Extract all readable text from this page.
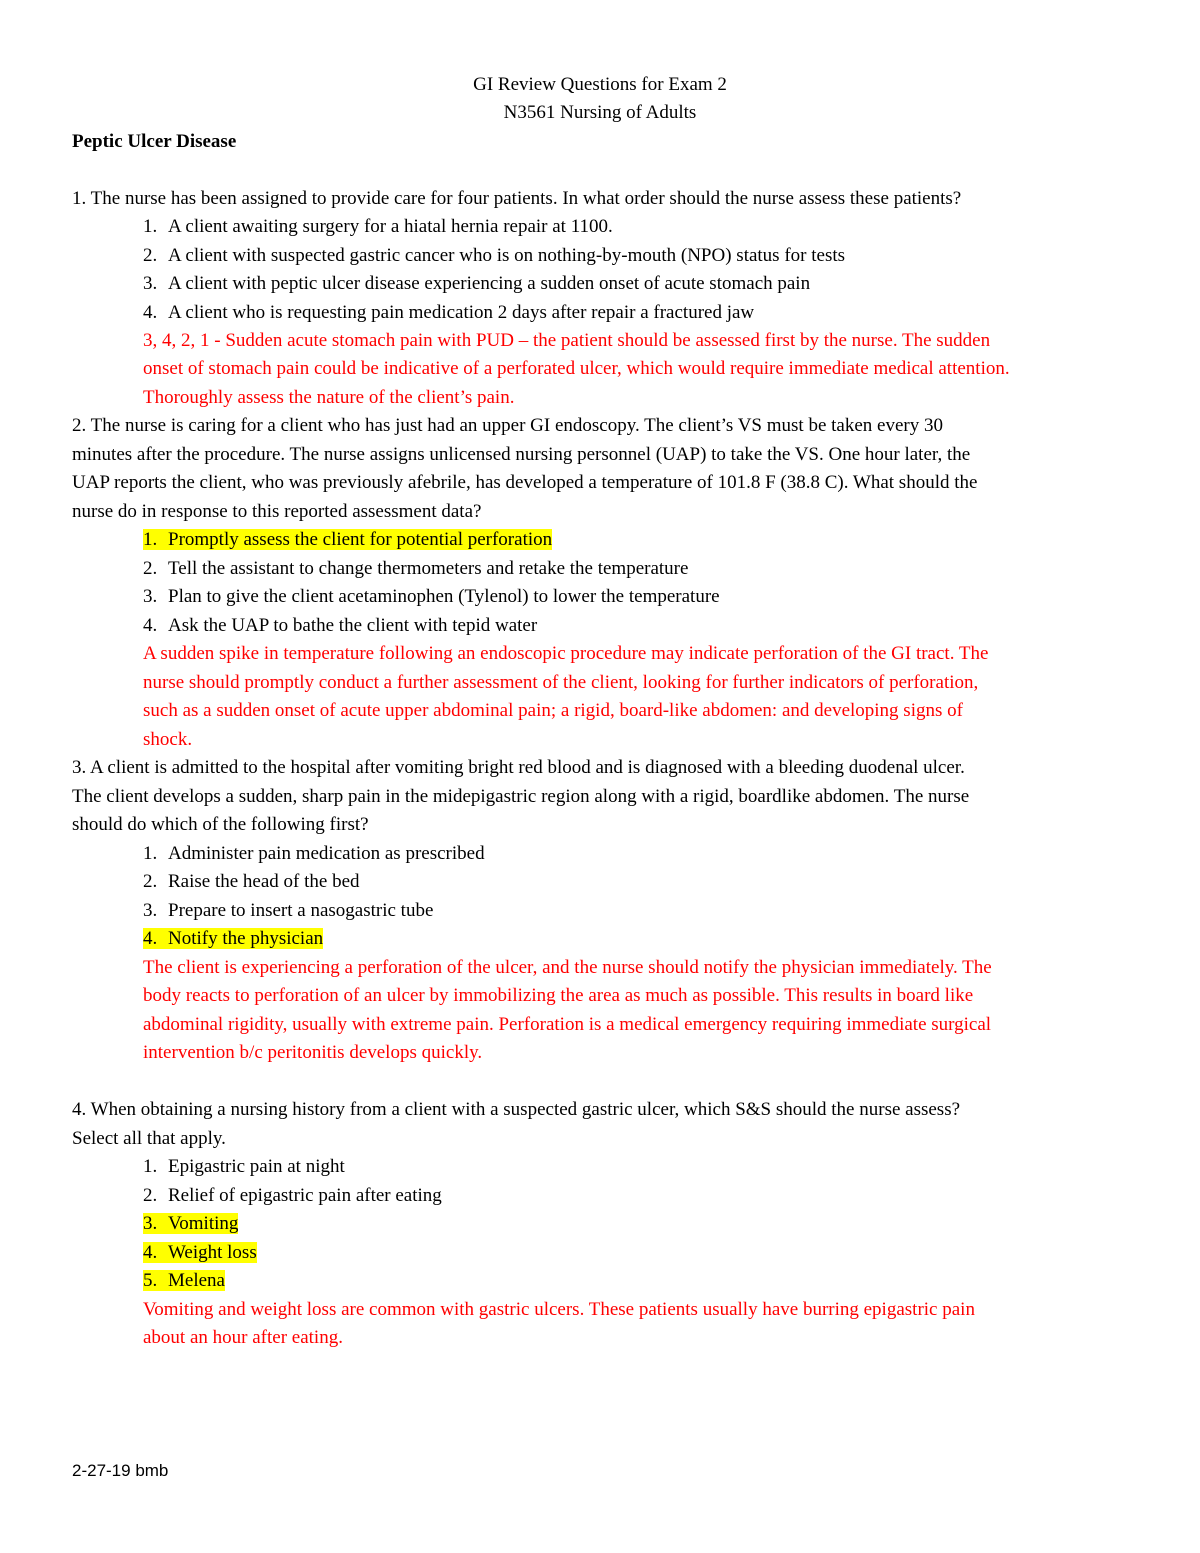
GI Review Questions for Exam 2
N3561 Nursing of Adults
Peptic Ulcer Disease
1. The nurse has been assigned to provide care for four patients. In what order should the nurse assess these patients?
1. A client awaiting surgery for a hiatal hernia repair at 1100.
2. A client with suspected gastric cancer who is on nothing-by-mouth (NPO) status for tests
3. A client with peptic ulcer disease experiencing a sudden onset of acute stomach pain
4. A client who is requesting pain medication 2 days after repair a fractured jaw
3, 4, 2, 1 - Sudden acute stomach pain with PUD – the patient should be assessed first by the nurse. The sudden
onset of stomach pain could be indicative of a perforated ulcer, which would require immediate medical attention.
Thoroughly assess the nature of the client’s pain.
2. The nurse is caring for a client who has just had an upper GI endoscopy. The client’s VS must be taken every 30
minutes after the procedure. The nurse assigns unlicensed nursing personnel (UAP) to take the VS. One hour later, the
UAP reports the client, who was previously afebrile, has developed a temperature of 101.8 F (38.8 C). What should the
nurse do in response to this reported assessment data?
1. Promptly assess the client for potential perforation
2. Tell the assistant to change thermometers and retake the temperature
3. Plan to give the client acetaminophen (Tylenol) to lower the temperature
4. Ask the UAP to bathe the client with tepid water
A sudden spike in temperature following an endoscopic procedure may indicate perforation of the GI tract. The
nurse should promptly conduct a further assessment of the client, looking for further indicators of perforation,
such as a sudden onset of acute upper abdominal pain; a rigid, board-like abdomen: and developing signs of
shock.
3. A client is admitted to the hospital after vomiting bright red blood and is diagnosed with a bleeding duodenal ulcer.
The client develops a sudden, sharp pain in the midepigastric region along with a rigid, boardlike abdomen. The nurse
should do which of the following first?
1. Administer pain medication as prescribed
2. Raise the head of the bed
3. Prepare to insert a nasogastric tube
4. Notify the physician
The client is experiencing a perforation of the ulcer, and the nurse should notify the physician immediately. The
body reacts to perforation of an ulcer by immobilizing the area as much as possible. This results in board like
abdominal rigidity, usually with extreme pain. Perforation is a medical emergency requiring immediate surgical
intervention b/c peritonitis develops quickly.
4. When obtaining a nursing history from a client with a suspected gastric ulcer, which S&S should the nurse assess?
Select all that apply.
1. Epigastric pain at night
2. Relief of epigastric pain after eating
3. Vomiting
4. Weight loss
5. Melena
Vomiting and weight loss are common with gastric ulcers. These patients usually have burring epigastric pain
about an hour after eating.
2-27-19 bmb
